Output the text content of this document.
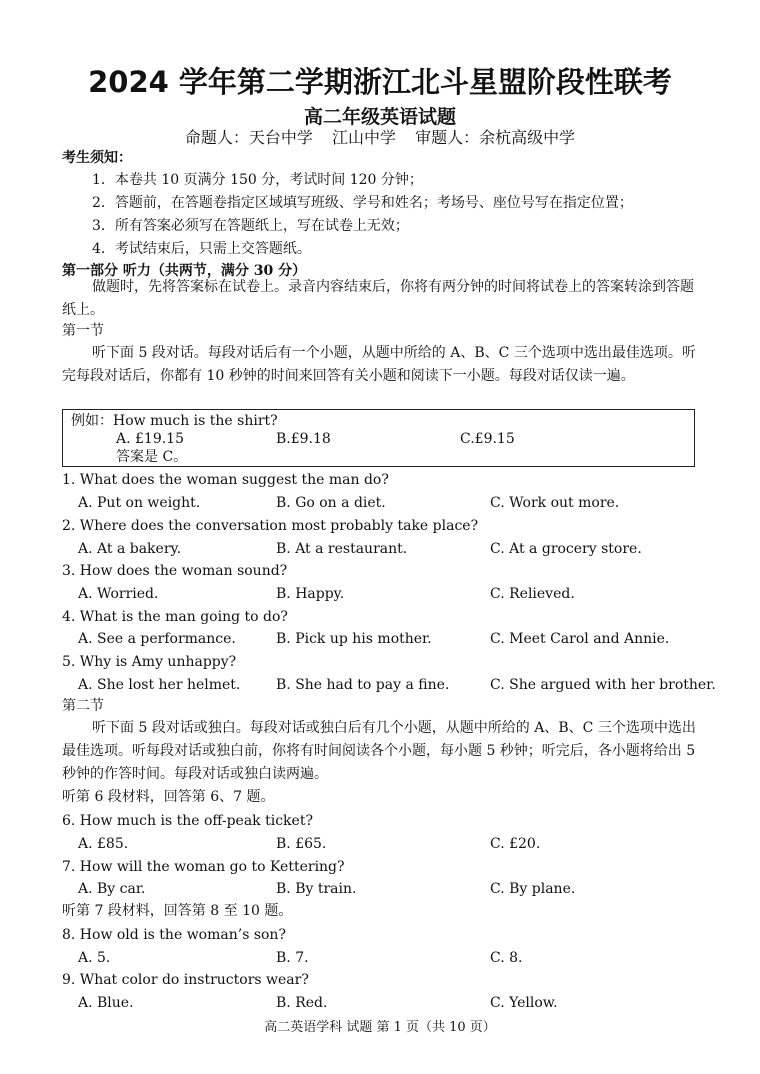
2024 学年第二学期浙江北斗星盟阶段性联考
高二年级英语试题
命题人：天台中学 江山中学 审题人：余杭高级中学
考生须知：
1．本卷共 10 页满分 150 分，考试时间 120 分钟；
2．答题前，在答题卷指定区域填写班级、学号和姓名；考场号、座位号写在指定位置；
3．所有答案必须写在答题纸上，写在试卷上无效；
4．考试结束后，只需上交答题纸。
第一部分 听力（共两节，满分 30 分）
做题时，先将答案标在试卷上。录音内容结束后，你将有两分钟的时间将试卷上的答案转涂到答题纸上。
第一节
听下面 5 段对话。每段对话后有一个小题，从题中所给的 A、B、C 三个选项中选出最佳选项。听完每段对话后，你都有 10 秒钟的时间来回答有关小题和阅读下一小题。每段对话仅读一遍。
例如：How much is the shirt?
A. £19.15	B.£9.18	C.£9.15
答案是 C。
1. What does the woman suggest the man do?
A. Put on weight.	B. Go on a diet.	C. Work out more.
2. Where does the conversation most probably take place?
A. At a bakery.	B. At a restaurant.	C. At a grocery store.
3. How does the woman sound?
A. Worried.	B. Happy.	C. Relieved.
4. What is the man going to do?
A. See a performance.	B. Pick up his mother.	C. Meet Carol and Annie.
5. Why is Amy unhappy?
A. She lost her helmet.	B. She had to pay a fine.	C. She argued with her brother.
第二节
听下面 5 段对话或独白。每段对话或独白后有几个小题，从题中所给的 A、B、C 三个选项中选出最佳选项。听每段对话或独白前，你将有时间阅读各个小题，每小题 5 秒钟；听完后，各小题将给出 5 秒钟的作答时间。每段对话或独白读两遍。
听第 6 段材料，回答第 6、7 题。
6. How much is the off-peak ticket?
A. £85.	B. £65.	C. £20.
7. How will the woman go to Kettering?
A. By car.	B. By train.	C. By plane.
听第 7 段材料，回答第 8 至 10 题。
8. How old is the woman’s son?
A. 5.	B. 7.	C. 8.
9. What color do instructors wear?
A. Blue.	B. Red.	C. Yellow.
高二英语学科 试题 第 1 页（共 10 页）
